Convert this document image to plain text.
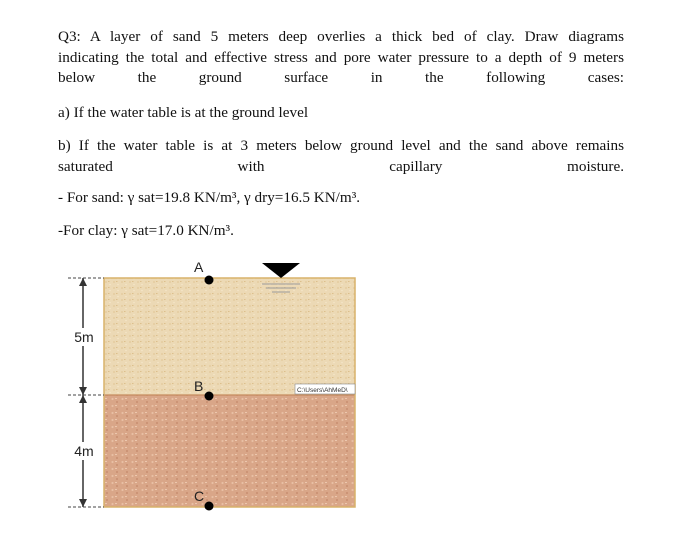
Q3: A layer of sand 5 meters deep overlies a thick bed of clay. Draw diagrams
indicating the total and effective stress and pore water pressure to a depth of 9 meters
below the ground surface in the following cases:
a) If the water table is at the ground level
b) If the water table is at 3 meters below ground level and the sand above remains
saturated with capillary moisture.
- For sand: γ sat=19.8 KN/m³, γ dry=16.5 KN/m³.
-For clay: γ sat=17.0 KN/m³.
5m
4m
A
B
C
C:\Users\AhMeD\
